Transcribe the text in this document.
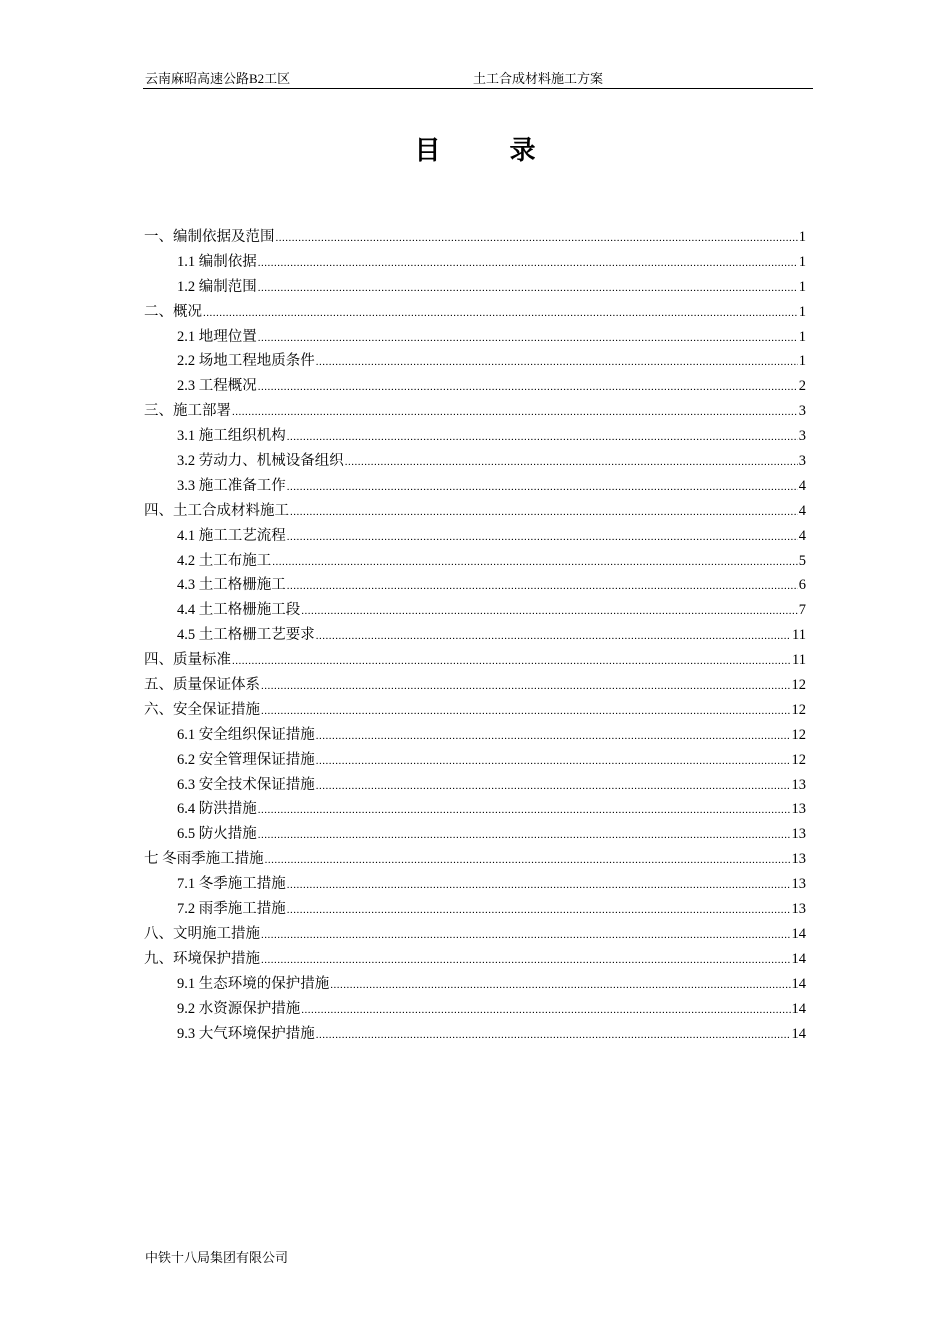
云南麻昭高速公路B2工区	土工合成材料施工方案
目 录
一、编制依据及范围 .....	1
1.1 编制依据 .....	1
1.2 编制范围 .....	1
二、概况 .....	1
2.1 地理位置 .....	1
2.2 场地工程地质条件 .....	1
2.3 工程概况 .....	2
三、施工部署 .....	3
3.1 施工组织机构 .....	3
3.2 劳动力、机械设备组织 .....	3
3.3 施工准备工作 .....	4
四、土工合成材料施工 .....	4
4.1 施工工艺流程 .....	4
4.2 土工布施工 .....	5
4.3 土工格栅施工 .....	6
4.4 土工格栅施工段 .....	7
4.5 土工格栅工艺要求 .....	11
四、质量标准 .....	11
五、质量保证体系 .....	12
六、安全保证措施 .....	12
6.1 安全组织保证措施 .....	12
6.2 安全管理保证措施 .....	12
6.3 安全技术保证措施 .....	13
6.4 防洪措施 .....	13
6.5 防火措施 .....	13
七 冬雨季施工措施 .....	13
7.1 冬季施工措施 .....	13
7.2 雨季施工措施 .....	13
八、文明施工措施 .....	14
九、环境保护措施 .....	14
9.1 生态环境的保护措施 .....	14
9.2 水资源保护措施 .....	14
9.3 大气环境保护措施 .....	14
中铁十八局集团有限公司
